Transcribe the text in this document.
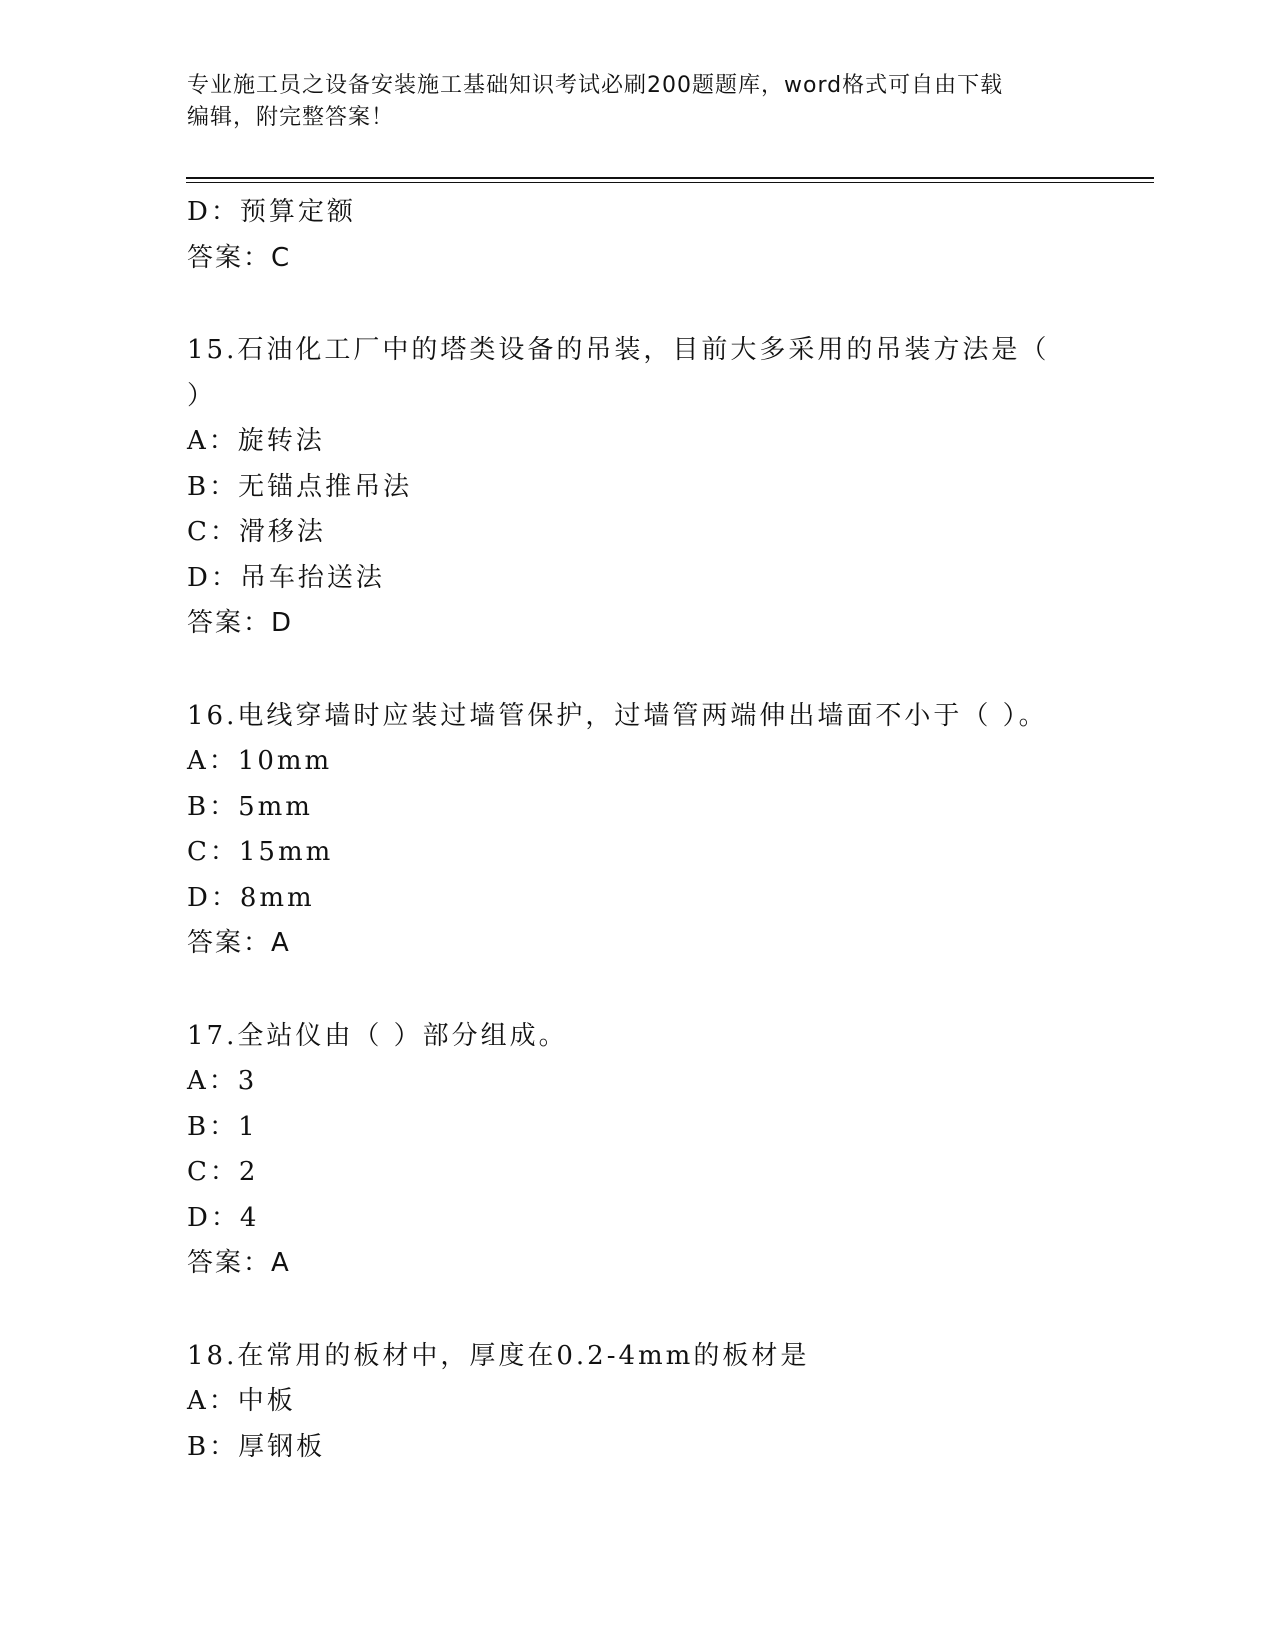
专业施工员之设备安装施工基础知识考试必刷200题题库，word格式可自由下载
编辑，附完整答案！
D：预算定额
答案：C
15.石油化工厂中的塔类设备的吊装，目前大多采用的吊装方法是（
）
A：旋转法
B：无锚点推吊法
C：滑移法
D：吊车抬送法
答案：D
16.电线穿墙时应装过墙管保护，过墙管两端伸出墙面不小于（ ）。
A：10mm
B：5mm
C：15mm
D：8mm
答案：A
17.全站仪由（ ）部分组成。
A：3
B：1
C：2
D：4
答案：A
18.在常用的板材中，厚度在0.2-4mm的板材是
A：中板
B：厚钢板
